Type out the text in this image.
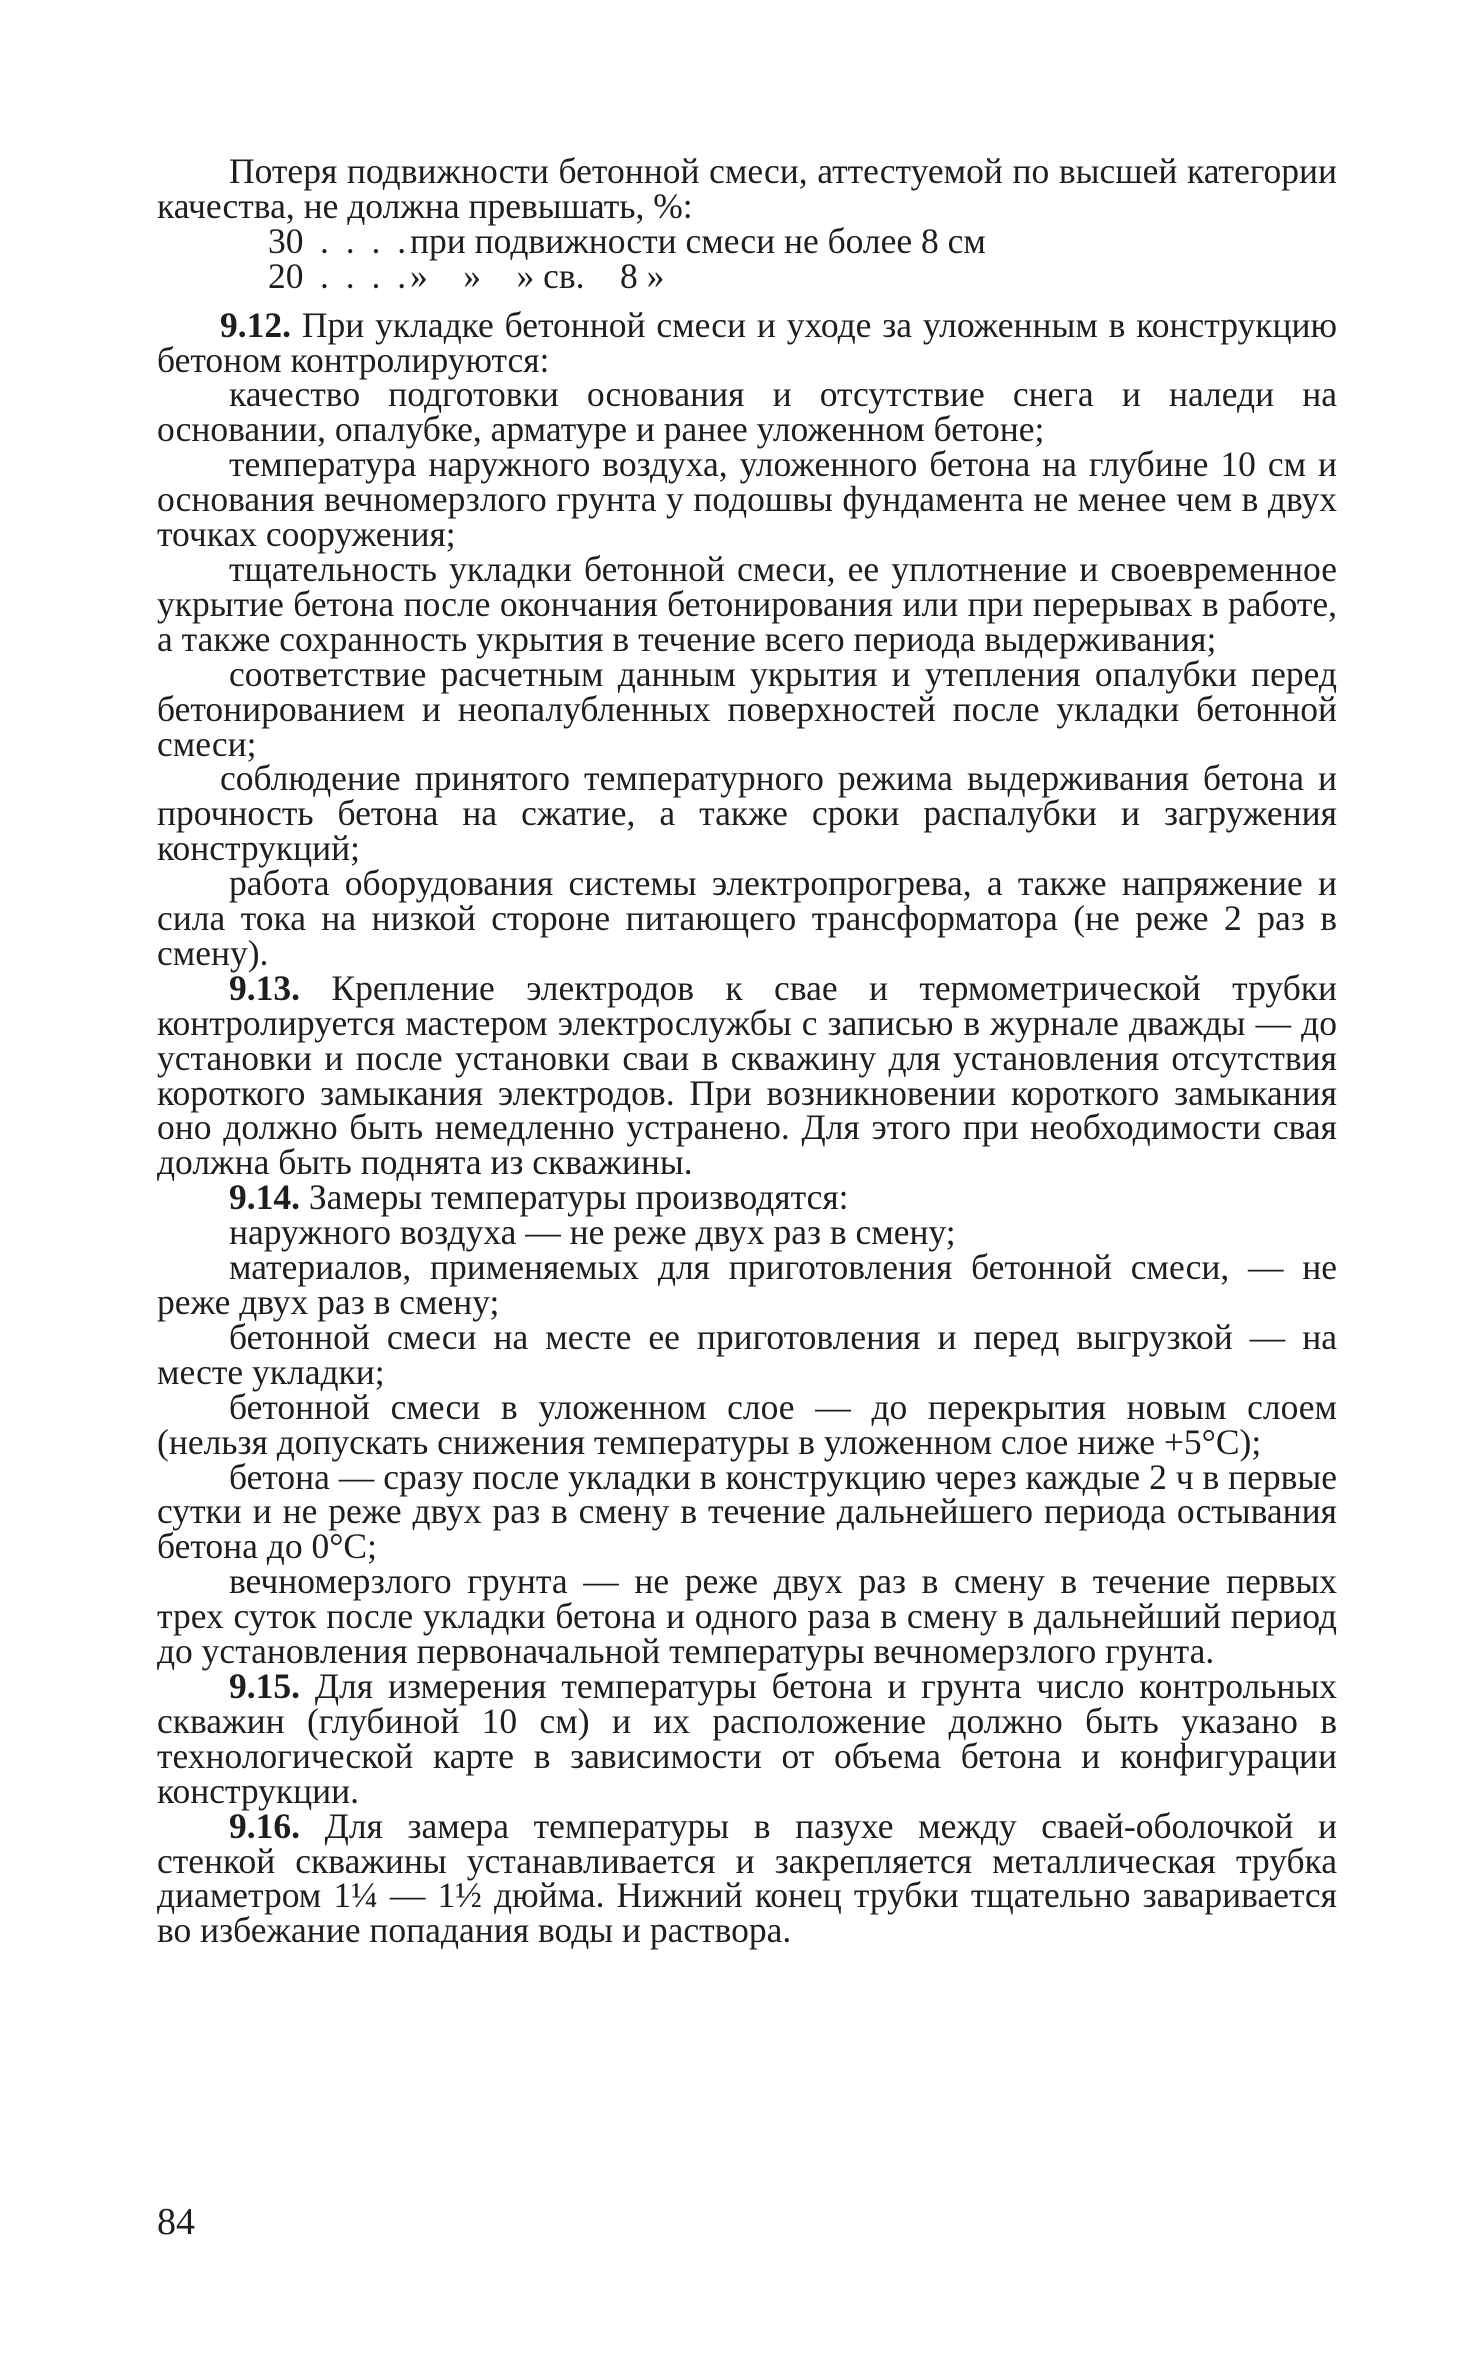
Потеря подвижности бетонной смеси, аттестуемой по высшей категории качества, не должна превышать, %:

30 . . . . при подвижности смеси не более 8 см
20 . . . . »    »    » св.    8 »

9.12. При укладке бетонной смеси и уходе за уложенным в конструкцию бетоном контролируются:

качество подготовки основания и отсутствие снега и наледи на основании, опалубке, арматуре и ранее уложенном бетоне;

температура наружного воздуха, уложенного бетона на глубине 10 см и основания вечномерзлого грунта у подошвы фундамента не менее чем в двух точках сооружения;

тщательность укладки бетонной смеси, ее уплотнение и своевременное укрытие бетона после окончания бетонирования или при перерывах в работе, а также сохранность укрытия в течение всего периода выдерживания;

соответствие расчетным данным укрытия и утепления опалубки перед бетонированием и неопалубленных поверхностей после укладки бетонной смеси;

соблюдение принятого температурного режима выдерживания бетона и прочность бетона на сжатие, а также сроки распалубки и загружения конструкций;

работа оборудования системы электропрогрева, а также напряжение и сила тока на низкой стороне питающего трансформатора (не реже 2 раз в смену).

9.13. Крепление электродов к свае и термометрической трубки контролируется мастером электрослужбы с записью в журнале дважды — до установки и после установки сваи в скважину для установления отсутствия короткого замыкания электродов. При возникновении короткого замыкания оно должно быть немедленно устранено. Для этого при необходимости свая должна быть поднята из скважины.

9.14. Замеры температуры производятся:

наружного воздуха — не реже двух раз в смену;

материалов, применяемых для приготовления бетонной смеси, — не реже двух раз в смену;

бетонной смеси на месте ее приготовления и перед выгрузкой — на месте укладки;

бетонной смеси в уложенном слое — до перекрытия новым слоем (нельзя допускать снижения температуры в уложенном слое ниже +5°С);

бетона — сразу после укладки в конструкцию через каждые 2 ч в первые сутки и не реже двух раз в смену в течение дальнейшего периода остывания бетона до 0°С;

вечномерзлого грунта — не реже двух раз в смену в течение первых трех суток после укладки бетона и одного раза в смену в дальнейший период до установления первоначальной температуры вечномерзлого грунта.

9.15. Для измерения температуры бетона и грунта число контрольных скважин (глубиной 10 см) и их расположение должно быть указано в технологической карте в зависимости от объема бетона и конфигурации конструкции.

9.16. Для замера температуры в пазухе между сваей-оболочкой и стенкой скважины устанавливается и закрепляется металлическая трубка диаметром 1¼ — 1½ дюйма. Нижний конец трубки тщательно заваривается во избежание попадания воды и раствора.

84
